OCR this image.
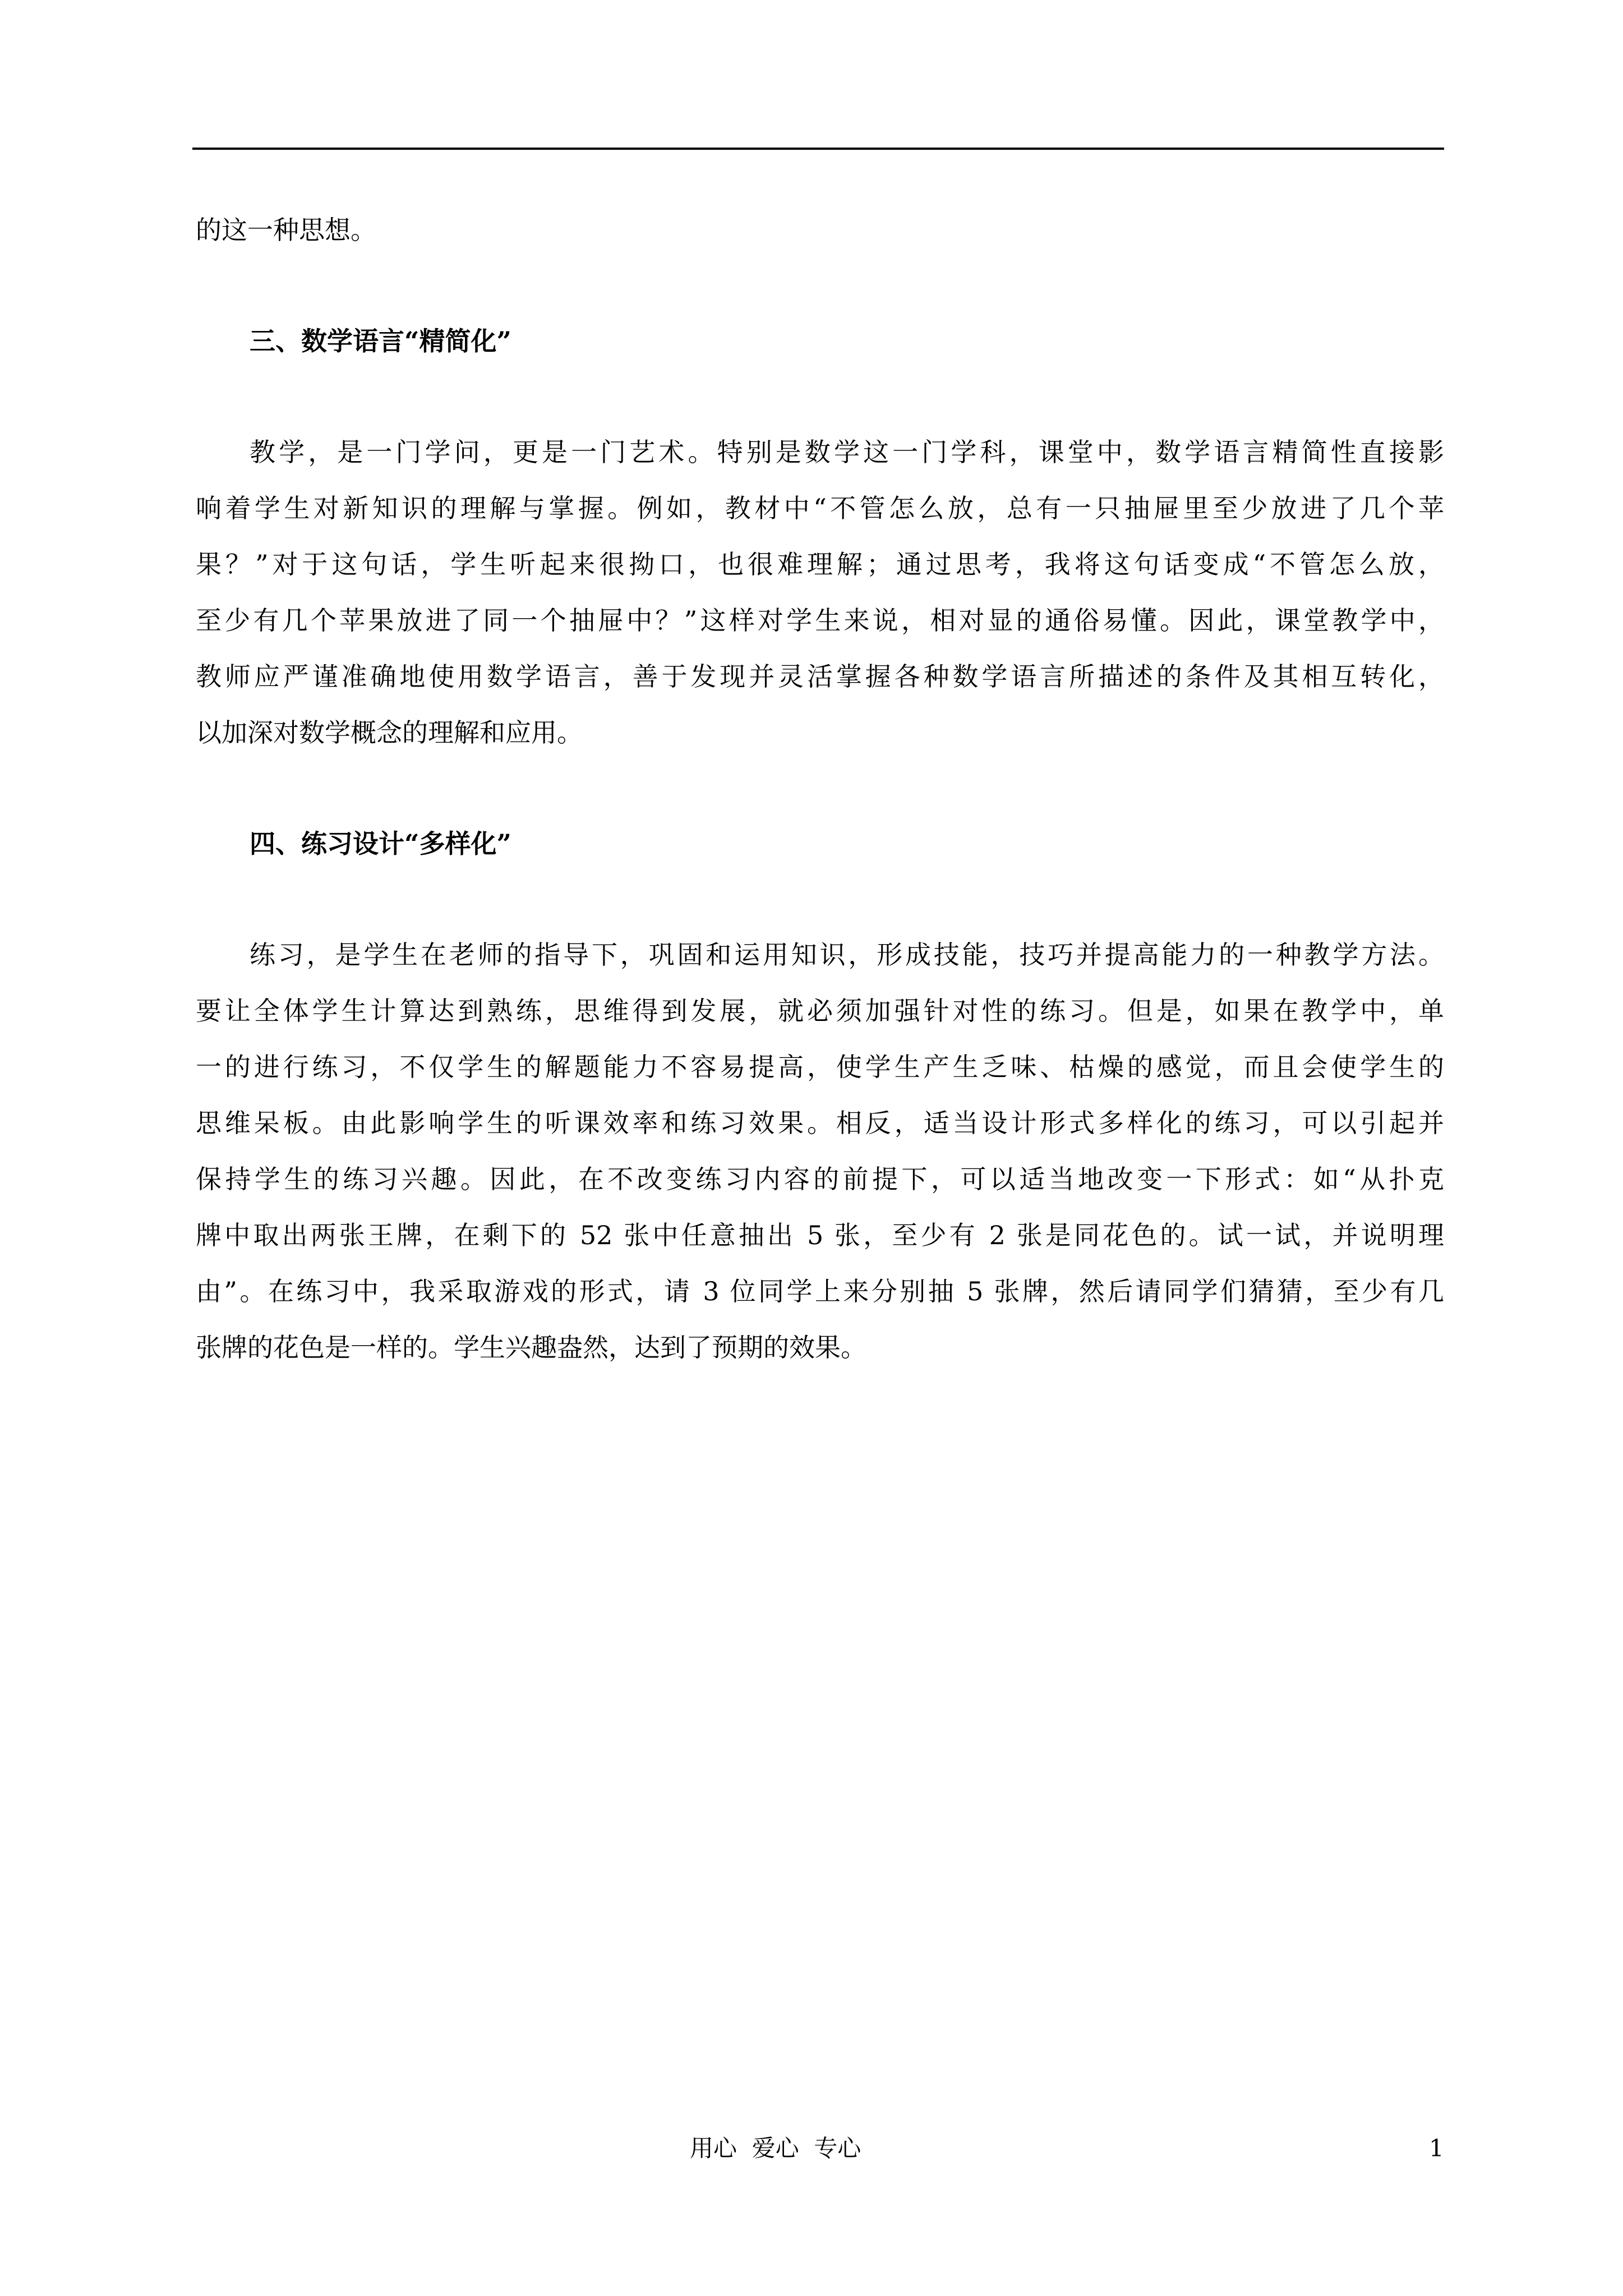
的这一种思想。
三、数学语言“精简化”
教学，是一门学问，更是一门艺术。特别是数学这一门学科，课堂中，数学语言精简性直接影
响着学生对新知识的理解与掌握。例如，教材中“不管怎么放，总有一只抽屉里至少放进了几个苹
果？”对于这句话，学生听起来很拗口，也很难理解；通过思考，我将这句话变成“不管怎么放，
至少有几个苹果放进了同一个抽屉中？”这样对学生来说，相对显的通俗易懂。因此，课堂教学中，
教师应严谨准确地使用数学语言，善于发现并灵活掌握各种数学语言所描述的条件及其相互转化，
以加深对数学概念的理解和应用。
四、练习设计“多样化”
练习，是学生在老师的指导下，巩固和运用知识，形成技能，技巧并提高能力的一种教学方法。
要让全体学生计算达到熟练，思维得到发展，就必须加强针对性的练习。但是，如果在教学中，单
一的进行练习，不仅学生的解题能力不容易提高，使学生产生乏味、枯燥的感觉，而且会使学生的
思维呆板。由此影响学生的听课效率和练习效果。相反，适当设计形式多样化的练习，可以引起并
保持学生的练习兴趣。因此，在不改变练习内容的前提下，可以适当地改变一下形式：如“从扑克
牌中取出两张王牌，在剩下的 52 张中任意抽出 5 张，至少有 2 张是同花色的。试一试，并说明理
由”。在练习中，我采取游戏的形式，请 3 位同学上来分别抽 5 张牌，然后请同学们猜猜，至少有几
张牌的花色是一样的。学生兴趣盎然，达到了预期的效果。
用心  爱心  专心	1
